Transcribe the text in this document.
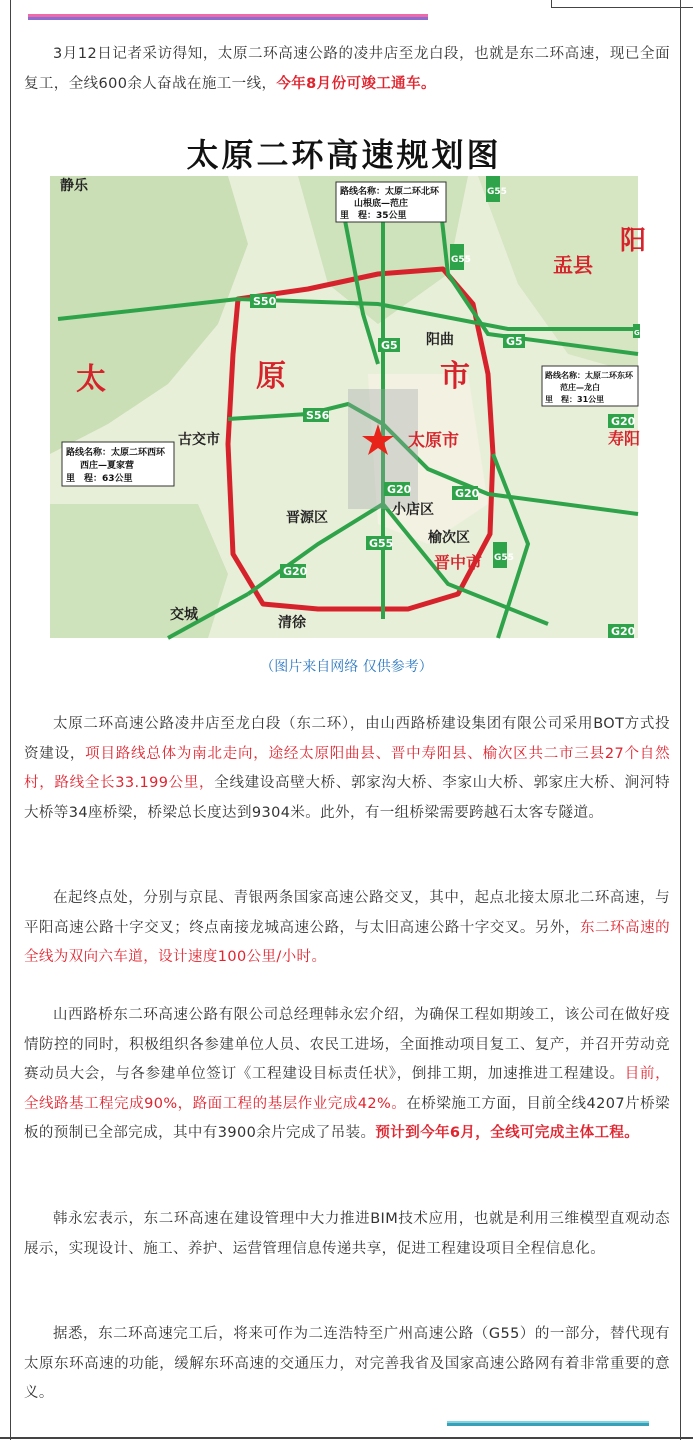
3月12日记者采访得知，太原二环高速公路的凌井店至龙白段，也就是东二环高速，现已全面复工，全线600余人奋战在施工一线，今年8月份可竣工通车。

太原二环高速规划图
太	原	市
阳
盂县
静乐
古交市
阳曲
太原市
晋源区	小店区
榆次区
晋中市
交城	清徐
寿阳
S50
G55
G5
S56
G20	G20
G55
G5
G20
G55
G20
G5
G55
G20
路线名称：太原二环北环
山根底—范庄
里　程：35公里
路线名称：太原二环东环
范庄—龙白
里　程：31公里
路线名称：太原二环西环
西庄—夏家营
里　程：63公里
（图片来自网络 仅供参考）

太原二环高速公路凌井店至龙白段（东二环），由山西路桥建设集团有限公司采用BOT方式投资建设，项目路线总体为南北走向，途经太原阳曲县、晋中寿阳县、榆次区共二市三县27个自然村，路线全长33.199公里，全线建设高壁大桥、郭家沟大桥、李家山大桥、郭家庄大桥、涧河特大桥等34座桥梁，桥梁总长度达到9304米。此外，有一组桥梁需要跨越石太客专隧道。

在起终点处，分别与京昆、青银两条国家高速公路交叉，其中，起点北接太原北二环高速，与平阳高速公路十字交叉；终点南接龙城高速公路，与太旧高速公路十字交叉。另外，东二环高速的全线为双向六车道，设计速度100公里/小时。

山西路桥东二环高速公路有限公司总经理韩永宏介绍，为确保工程如期竣工，该公司在做好疫情防控的同时，积极组织各参建单位人员、农民工进场，全面推动项目复工、复产，并召开劳动竞赛动员大会，与各参建单位签订《工程建设目标责任状》，倒排工期，加速推进工程建设。目前，全线路基工程完成90%，路面工程的基层作业完成42%。在桥梁施工方面，目前全线4207片桥梁板的预制已全部完成，其中有3900余片完成了吊装。预计到今年6月，全线可完成主体工程。

韩永宏表示，东二环高速在建设管理中大力推进BIM技术应用，也就是利用三维模型直观动态展示，实现设计、施工、养护、运营管理信息传递共享，促进工程建设项目全程信息化。

据悉，东二环高速完工后，将来可作为二连浩特至广州高速公路（G55）的一部分，替代现有太原东环高速的功能，缓解东环高速的交通压力，对完善我省及国家高速公路网有着非常重要的意义。
